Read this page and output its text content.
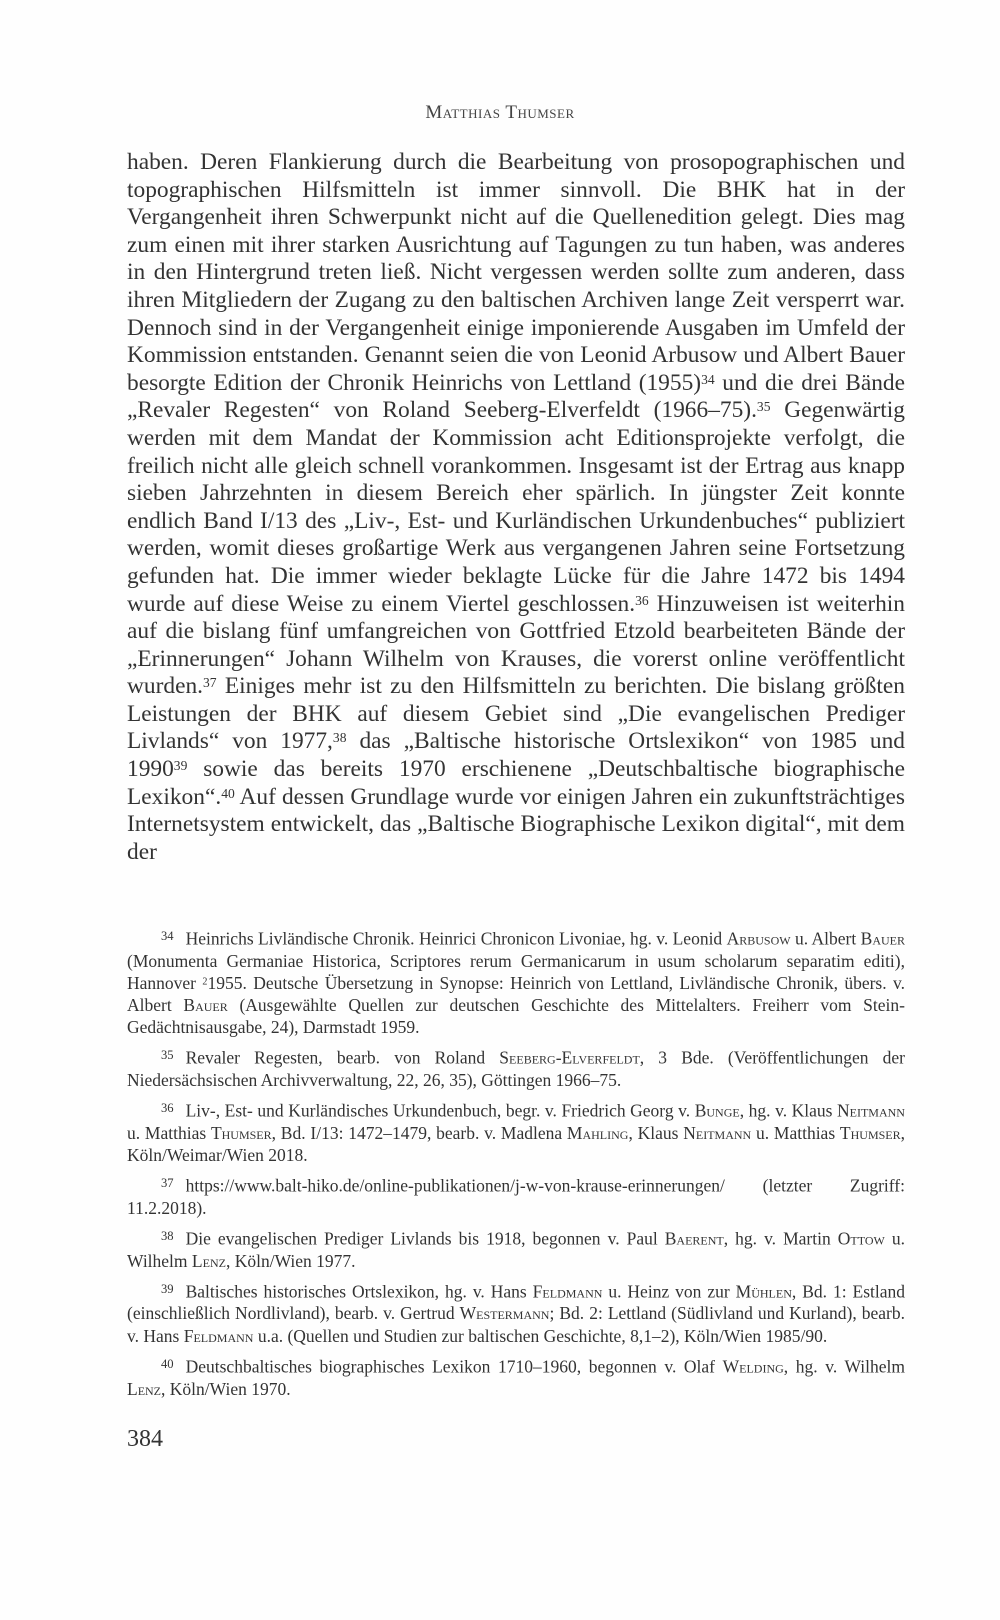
Matthias Thumser
haben. Deren Flankierung durch die Bearbeitung von prosopographischen und topographischen Hilfsmitteln ist immer sinnvoll. Die BHK hat in der Vergangenheit ihren Schwerpunkt nicht auf die Quellenedition gelegt. Dies mag zum einen mit ihrer starken Ausrichtung auf Tagungen zu tun haben, was anderes in den Hintergrund treten ließ. Nicht vergessen werden sollte zum anderen, dass ihren Mitgliedern der Zugang zu den baltischen Archiven lange Zeit versperrt war. Dennoch sind in der Vergangenheit einige imponierende Ausgaben im Umfeld der Kommission entstanden. Genannt seien die von Leonid Arbusow und Albert Bauer besorgte Edition der Chronik Heinrichs von Lettland $(1955)^{34}$ und die drei Bände „Revaler Regesten“ von Roland Seeberg-Elverfeldt (1966–75).$^{35}$ Gegenwärtig werden mit dem Mandat der Kommission acht Editionsprojekte verfolgt, die freilich nicht alle gleich schnell vorankommen. Insgesamt ist der Ertrag aus knapp sieben Jahrzehnten in diesem Bereich eher spärlich. In jüngster Zeit konnte endlich Band I/13 des „Liv-, Est- und Kurländischen Urkundenbuches“ publiziert werden, womit dieses großartige Werk aus vergangenen Jahren seine Fortsetzung gefunden hat. Die immer wieder beklagte Lücke für die Jahre 1472 bis 1494 wurde auf diese Weise zu einem Viertel geschlossen.$^{36}$ Hinzuweisen ist weiterhin auf die bislang fünf umfangreichen von Gottfried Etzold bearbeiteten Bände der „Erinnerungen“ Johann Wilhelm von Krauses, die vorerst online veröffentlicht wurden.$^{37}$ Einiges mehr ist zu den Hilfsmitteln zu berichten. Die bislang größten Leistungen der BHK auf diesem Gebiet sind „Die evangelischen Prediger Livlands“ von 1977,38 das „Baltische historische Ortslexikon“ von 1985 und 1990$^{39}$ sowie das bereits 1970 erschienene „Deutschbaltische biographische Lexikon“.$^{40}$ Auf dessen Grundlage wurde vor einigen Jahren ein zukunftsträchtiges Internetsystem entwickelt, das „Baltische Biographische Lexikon digital“, mit dem der
$^{34}$ Heinrichs Livländische Chronik. Heinrici Chronicon Livoniae, hg. v. Leonid Arbusow u. Albert Bauer (Monumenta Germaniae Historica, Scriptores rerum Germanicarum in usum scholarum separatim editi), Hannover $^2$1955. Deutsche Übersetzung in Synopse: Heinrich von Lettland, Livländische Chronik, übers. v. Albert Bauer (Ausgewählte Quellen zur deutschen Geschichte des Mittelalters. Freiherr vom Stein-Gedächtnisausgabe, 24), Darmstadt 1959.
$^{35}$ Revaler Regesten, bearb. von Roland Seeberg-Elverfeldt, 3 Bde. (Veröffentlichungen der Niedersächsischen Archivverwaltung, 22, 26, 35), Göttingen 1966–75.
$^{36}$ Liv-, Est- und Kurländisches Urkundenbuch, begr. v. Friedrich Georg v. Bunge, hg. v. Klaus Neitmann u. Matthias Thumser, Bd. I/13: 1472–1479, bearb. v. Madlena Mahling, Klaus Neitmann u. Matthias Thumser, Köln/Weimar/Wien 2018.
$^{37}$ https://www.balt-hiko.de/online-publikationen/j-w-von-krause-erinnerungen/ (letzter Zugriff: 11.2.2018).
$^{38}$ Die evangelischen Prediger Livlands bis 1918, begonnen v. Paul Baerent, hg. v. Martin Ottow u. Wilhelm Lenz, Köln/Wien 1977.
$^{39}$ Baltisches historisches Ortslexikon, hg. v. Hans Feldmann u. Heinz von zur Mühlen, Bd. 1: Estland (einschließlich Nordlivland), bearb. v. Gertrud Westermann; Bd. 2: Lettland (Südlivland und Kurland), bearb. v. Hans Feldmann u.a. (Quellen und Studien zur baltischen Geschichte, 8,1–2), Köln/Wien 1985/90.
$^{40}$ Deutschbaltisches biographisches Lexikon 1710–1960, begonnen v. Olaf Welding, hg. v. Wilhelm Lenz, Köln/Wien 1970.
384
